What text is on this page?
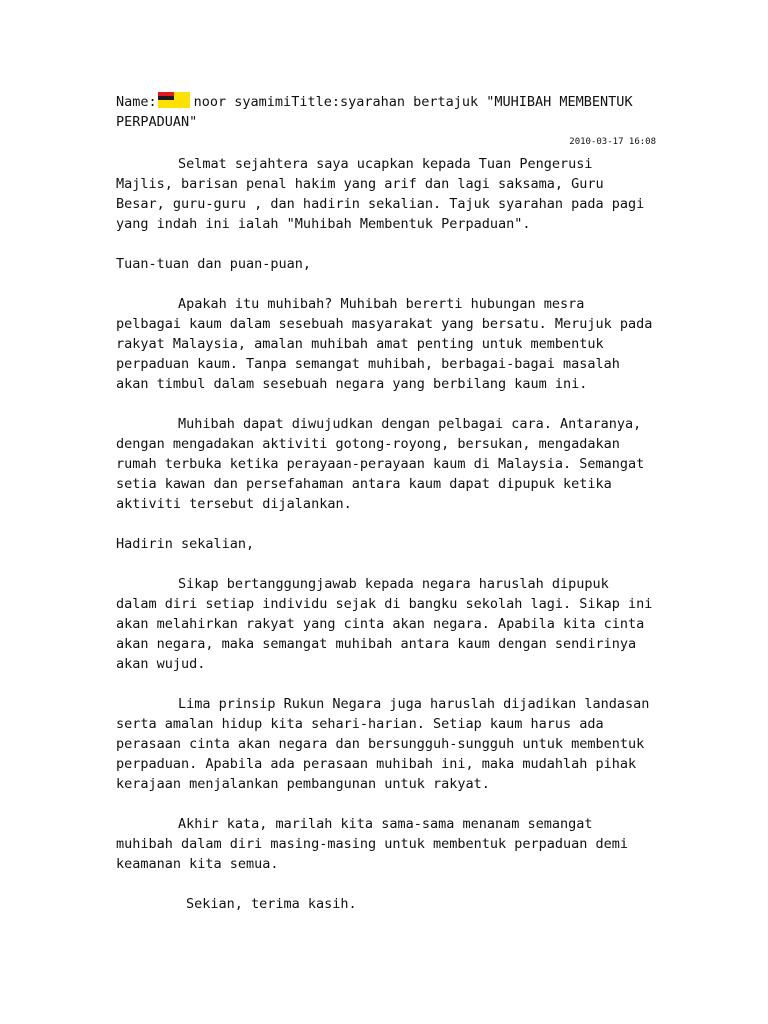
Name:	noor syamimiTitle:syarahan bertajuk "MUHIBAH MEMBENTUK PERPADUAN"
2010-03-17 16:08

Selmat sejahtera saya ucapkan kepada Tuan Pengerusi Majlis, barisan penal hakim yang arif dan lagi saksama, Guru Besar, guru-guru , dan hadirin sekalian. Tajuk syarahan pada pagi yang indah ini ialah "Muhibah Membentuk Perpaduan".

Tuan-tuan dan puan-puan,

Apakah itu muhibah? Muhibah bererti hubungan mesra pelbagai kaum dalam sesebuah masyarakat yang bersatu. Merujuk pada rakyat Malaysia, amalan muhibah amat penting untuk membentuk perpaduan kaum. Tanpa semangat muhibah, berbagai-bagai masalah akan timbul dalam sesebuah negara yang berbilang kaum ini.

Muhibah dapat diwujudkan dengan pelbagai cara. Antaranya, dengan mengadakan aktiviti gotong-royong, bersukan, mengadakan rumah terbuka ketika perayaan-perayaan kaum di Malaysia. Semangat setia kawan dan persefahaman antara kaum dapat dipupuk ketika aktiviti tersebut dijalankan.

Hadirin sekalian,

Sikap bertanggungjawab kepada negara haruslah dipupuk dalam diri setiap individu sejak di bangku sekolah lagi. Sikap ini akan melahirkan rakyat yang cinta akan negara. Apabila kita cinta akan negara, maka semangat muhibah antara kaum dengan sendirinya akan wujud.

Lima prinsip Rukun Negara juga haruslah dijadikan landasan serta amalan hidup kita sehari-harian. Setiap kaum harus ada perasaan cinta akan negara dan bersungguh-sungguh untuk membentuk perpaduan. Apabila ada perasaan muhibah ini, maka mudahlah pihak kerajaan menjalankan pembangunan untuk rakyat.

Akhir kata, marilah kita sama-sama menanam semangat muhibah dalam diri masing-masing untuk membentuk perpaduan demi keamanan kita semua.

Sekian, terima kasih.
